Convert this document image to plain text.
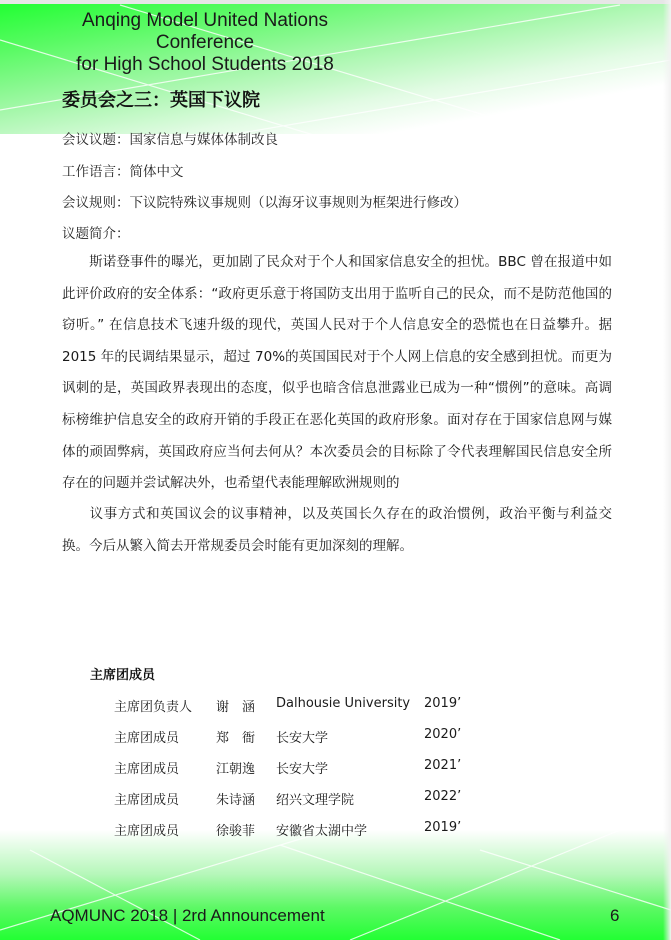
Anqing Model United Nations Conference
for High School Students 2018
委员会之三：英国下议院
会议议题：国家信息与媒体体制改良
工作语言：简体中文
会议规则：下议院特殊议事规则（以海牙议事规则为框架进行修改）
议题简介：
斯诺登事件的曝光，更加剧了民众对于个人和国家信息安全的担忧。BBC 曾在报道中如此评价政府的安全体系：“政府更乐意于将国防支出用于监听自己的民众，而不是防范他国的窃听。” 在信息技术飞速升级的现代，英国人民对于个人信息安全的恐慌也在日益攀升。据 2015 年的民调结果显示，超过 70%的英国国民对于个人网上信息的安全感到担忧。而更为讽刺的是，英国政界表现出的态度，似乎也暗含信息泄露业已成为一种“惯例”的意味。高调标榜维护信息安全的政府开销的手段正在恶化英国的政府形象。面对存在于国家信息网与媒体的顽固弊病，英国政府应当何去何从？本次委员会的目标除了令代表理解国民信息安全所存在的问题并尝试解决外，也希望代表能理解欧洲规则的
议事方式和英国议会的议事精神，以及英国长久存在的政治惯例，政治平衡与利益交换。今后从繁入简去开常规委员会时能有更加深刻的理解。
主席团成员
主席团负责人 谢　涵 Dalhousie University 2019’
主席团成员	郑　衙 长安大学	2020’
主席团成员	江朝逸 长安大学	2021’
主席团成员	朱诗涵 绍兴文理学院	2022’
主席团成员	徐骏菲 安徽省太湖中学	2019’
AQMUNC 2018 | 2rd Announcement	6
